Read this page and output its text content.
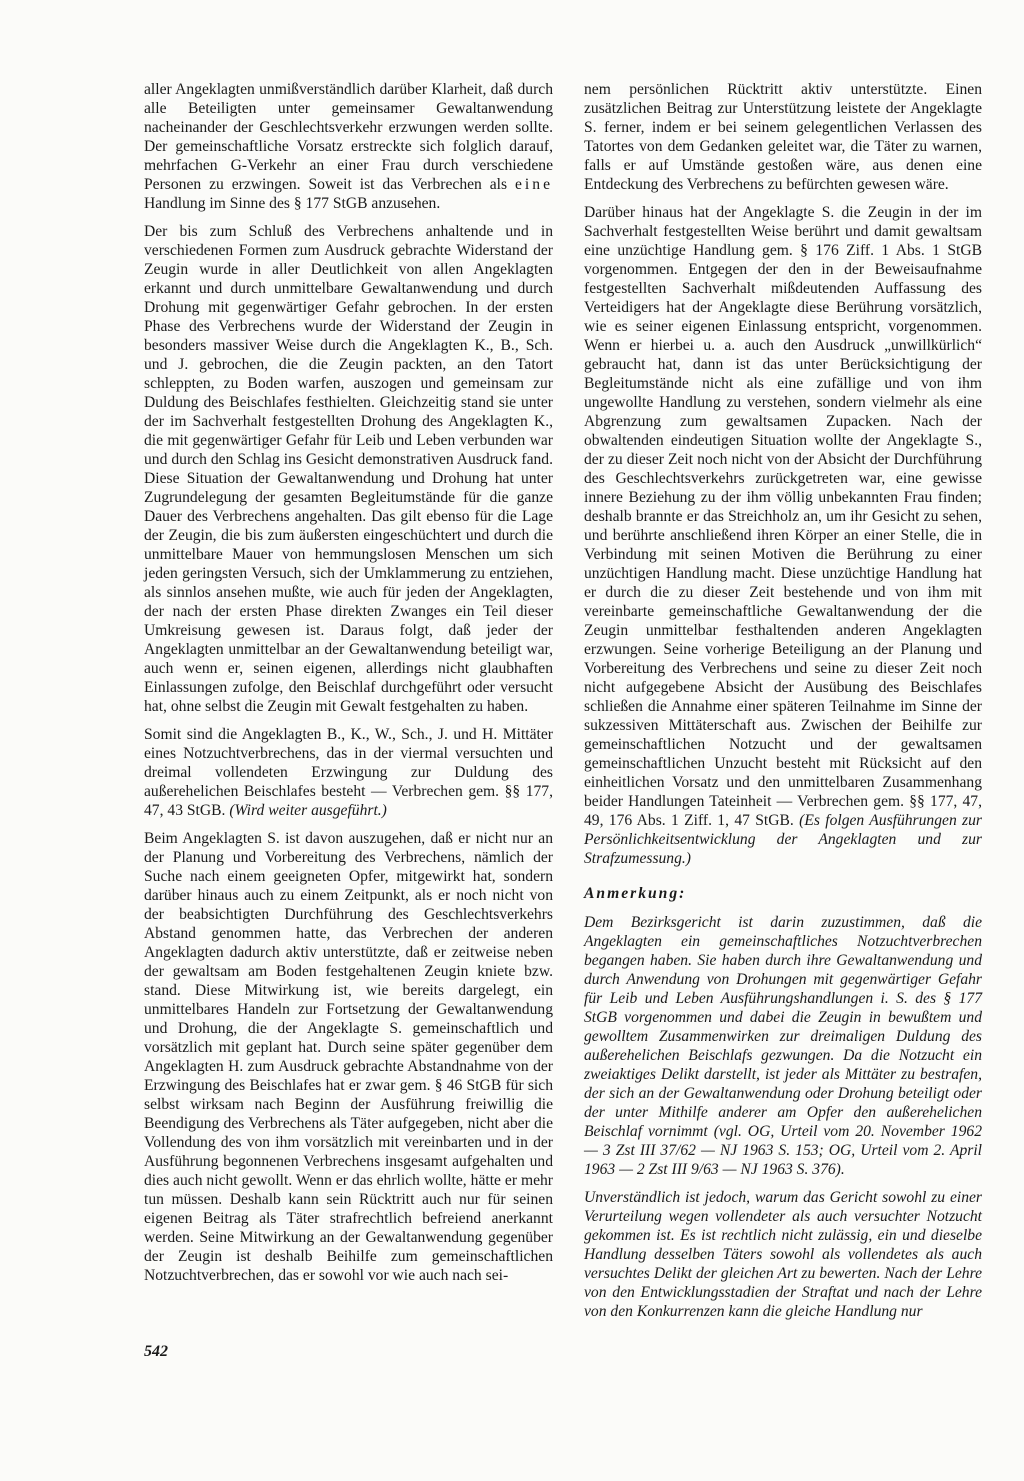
aller Angeklagten unmißverständlich darüber Klarheit, daß durch alle Beteiligten unter gemeinsamer Gewaltanwendung nacheinander der Geschlechtsverkehr erzwungen werden sollte. Der gemeinschaftliche Vorsatz erstreckte sich folglich darauf, mehrfachen G-Verkehr an einer Frau durch verschiedene Personen zu erzwingen. Soweit ist das Verbrechen als eine Handlung im Sinne des § 177 StGB anzusehen.

Der bis zum Schluß des Verbrechens anhaltende und in verschiedenen Formen zum Ausdruck gebrachte Widerstand der Zeugin wurde in aller Deutlichkeit von allen Angeklagten erkannt und durch unmittelbare Gewaltanwendung und durch Drohung mit gegenwärtiger Gefahr gebrochen. In der ersten Phase des Verbrechens wurde der Widerstand der Zeugin in besonders massiver Weise durch die Angeklagten K., B., Sch. und J. gebrochen, die die Zeugin packten, an den Tatort schleppten, zu Boden warfen, auszogen und gemeinsam zur Duldung des Beischlafes festhielten. Gleichzeitig stand sie unter der im Sachverhalt festgestellten Drohung des Angeklagten K., die mit gegenwärtiger Gefahr für Leib und Leben verbunden war und durch den Schlag ins Gesicht demonstrativen Ausdruck fand. Diese Situation der Gewaltanwendung und Drohung hat unter Zugrundelegung der gesamten Begleitumstände für die ganze Dauer des Verbrechens angehalten. Das gilt ebenso für die Lage der Zeugin, die bis zum äußersten eingeschüchtert und durch die unmittelbare Mauer von hemmungslosen Menschen um sich jeden geringsten Versuch, sich der Umklammerung zu entziehen, als sinnlos ansehen mußte, wie auch für jeden der Angeklagten, der nach der ersten Phase direkten Zwanges ein Teil dieser Umkreisung gewesen ist. Daraus folgt, daß jeder der Angeklagten unmittelbar an der Gewaltanwendung beteiligt war, auch wenn er, seinen eigenen, allerdings nicht glaubhaften Einlassungen zufolge, den Beischlaf durchgeführt oder versucht hat, ohne selbst die Zeugin mit Gewalt festgehalten zu haben.

Somit sind die Angeklagten B., K., W., Sch., J. und H. Mittäter eines Notzuchtverbrechens, das in der viermal versuchten und dreimal vollendeten Erzwingung zur Duldung des außerehelichen Beischlafes besteht — Verbrechen gem. §§ 177, 47, 43 StGB. (Wird weiter ausgeführt.)

Beim Angeklagten S. ist davon auszugehen, daß er nicht nur an der Planung und Vorbereitung des Verbrechens, nämlich der Suche nach einem geeigneten Opfer, mitgewirkt hat, sondern darüber hinaus auch zu einem Zeitpunkt, als er noch nicht von der beabsichtigten Durchführung des Geschlechtsverkehrs Abstand genommen hatte, das Verbrechen der anderen Angeklagten dadurch aktiv unterstützte, daß er zeitweise neben der gewaltsam am Boden festgehaltenen Zeugin kniete bzw. stand. Diese Mitwirkung ist, wie bereits dargelegt, ein unmittelbares Handeln zur Fortsetzung der Gewaltanwendung und Drohung, die der Angeklagte S. gemeinschaftlich und vorsätzlich mit geplant hat. Durch seine später gegenüber dem Angeklagten H. zum Ausdruck gebrachte Abstandnahme von der Erzwingung des Beischlafes hat er zwar gem. § 46 StGB für sich selbst wirksam nach Beginn der Ausführung freiwillig die Beendigung des Verbrechens als Täter aufgegeben, nicht aber die Vollendung des von ihm vorsätzlich mit vereinbarten und in der Ausführung begonnenen Verbrechens insgesamt aufgehalten und dies auch nicht gewollt. Wenn er das ehrlich wollte, hätte er mehr tun müssen. Deshalb kann sein Rücktritt auch nur für seinen eigenen Beitrag als Täter strafrechtlich befreiend anerkannt werden. Seine Mitwirkung an der Gewaltanwendung gegenüber der Zeugin ist deshalb Beihilfe zum gemeinschaftlichen Notzuchtverbrechen, das er sowohl vor wie auch nach sei-

nem persönlichen Rücktritt aktiv unterstützte. Einen zusätzlichen Beitrag zur Unterstützung leistete der Angeklagte S. ferner, indem er bei seinem gelegentlichen Verlassen des Tatortes von dem Gedanken geleitet war, die Täter zu warnen, falls er auf Umstände gestoßen wäre, aus denen eine Entdeckung des Verbrechens zu befürchten gewesen wäre.

Darüber hinaus hat der Angeklagte S. die Zeugin in der im Sachverhalt festgestellten Weise berührt und damit gewaltsam eine unzüchtige Handlung gem. § 176 Ziff. 1 Abs. 1 StGB vorgenommen. Entgegen der den in der Beweisaufnahme festgestellten Sachverhalt mißdeutenden Auffassung des Verteidigers hat der Angeklagte diese Berührung vorsätzlich, wie es seiner eigenen Einlassung entspricht, vorgenommen. Wenn er hierbei u. a. auch den Ausdruck „unwillkürlich“ gebraucht hat, dann ist das unter Berücksichtigung der Begleitumstände nicht als eine zufällige und von ihm ungewollte Handlung zu verstehen, sondern vielmehr als eine Abgrenzung zum gewaltsamen Zupacken. Nach der obwaltenden eindeutigen Situation wollte der Angeklagte S., der zu dieser Zeit noch nicht von der Absicht der Durchführung des Geschlechtsverkehrs zurückgetreten war, eine gewisse innere Beziehung zu der ihm völlig unbekannten Frau finden; deshalb brannte er das Streichholz an, um ihr Gesicht zu sehen, und berührte anschließend ihren Körper an einer Stelle, die in Verbindung mit seinen Motiven die Berührung zu einer unzüchtigen Handlung macht. Diese unzüchtige Handlung hat er durch die zu dieser Zeit bestehende und von ihm mit vereinbarte gemeinschaftliche Gewaltanwendung der die Zeugin unmittelbar festhaltenden anderen Angeklagten erzwungen. Seine vorherige Beteiligung an der Planung und Vorbereitung des Verbrechens und seine zu dieser Zeit noch nicht aufgegebene Absicht der Ausübung des Beischlafes schließen die Annahme einer späteren Teilnahme im Sinne der sukzessiven Mittäterschaft aus. Zwischen der Beihilfe zur gemeinschaftlichen Notzucht und der gewaltsamen gemeinschaftlichen Unzucht besteht mit Rücksicht auf den einheitlichen Vorsatz und den unmittelbaren Zusammenhang beider Handlungen Tateinheit — Verbrechen gem. §§ 177, 47, 49, 176 Abs. 1 Ziff. 1, 47 StGB. (Es folgen Ausführungen zur Persönlichkeitsentwicklung der Angeklagten und zur Strafzumessung.)

Anmerkung:

Dem Bezirksgericht ist darin zuzustimmen, daß die Angeklagten ein gemeinschaftliches Notzuchtverbrechen begangen haben. Sie haben durch ihre Gewaltanwendung und durch Anwendung von Drohungen mit gegenwärtiger Gefahr für Leib und Leben Ausführungshandlungen i. S. des § 177 StGB vorgenommen und dabei die Zeugin in bewußtem und gewolltem Zusammenwirken zur dreimaligen Duldung des außerehelichen Beischlafs gezwungen. Da die Notzucht ein zweiaktiges Delikt darstellt, ist jeder als Mittäter zu bestrafen, der sich an der Gewaltanwendung oder Drohung beteiligt oder der unter Mithilfe anderer am Opfer den außerehelichen Beischlaf vornimmt (vgl. OG, Urteil vom 20. November 1962 — 3 Zst III 37/62 — NJ 1963 S. 153; OG, Urteil vom 2. April 1963 — 2 Zst III 9/63 — NJ 1963 S. 376).

Unverständlich ist jedoch, warum das Gericht sowohl zu einer Verurteilung wegen vollendeter als auch versuchter Notzucht gekommen ist. Es ist rechtlich nicht zulässig, ein und dieselbe Handlung desselben Täters sowohl als vollendetes als auch versuchtes Delikt der gleichen Art zu bewerten. Nach der Lehre von den Entwicklungsstadien der Straftat und nach der Lehre von den Konkurrenzen kann die gleiche Handlung nur

542
